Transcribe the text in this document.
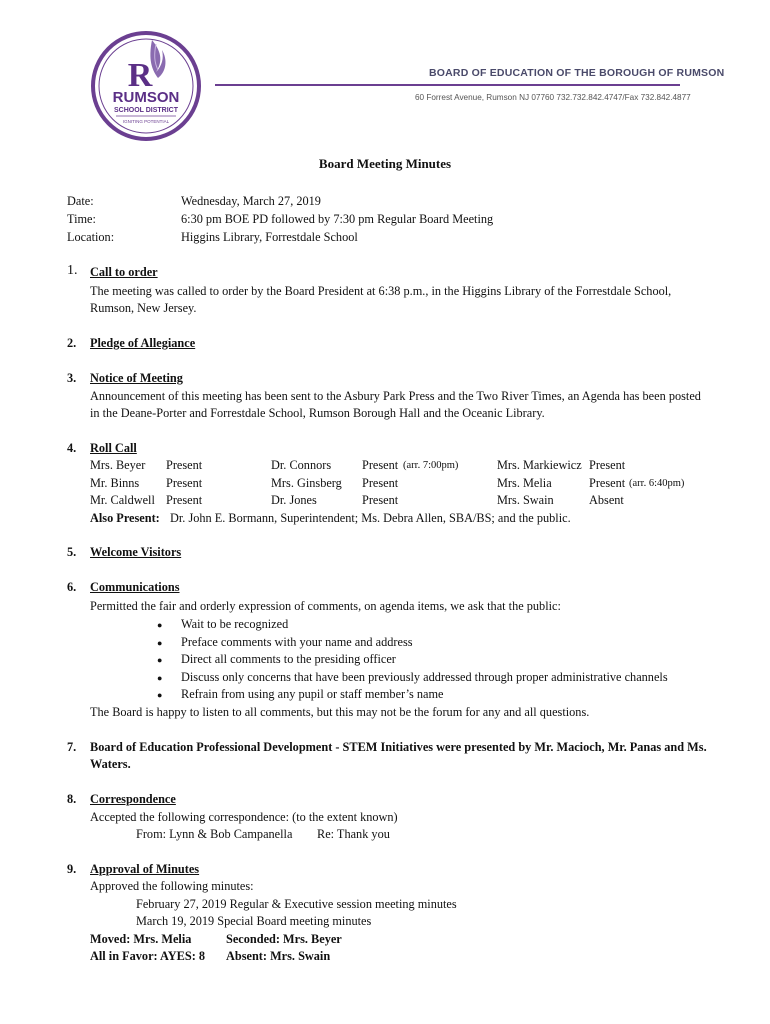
R
RUMSON
SCHOOL DISTRICT
IGNITING POTENTIAL
BOARD OF EDUCATION OF THE BOROUGH OF RUMSON
60 Forrest Avenue, Rumson NJ 07760 732.732.842.4747/Fax 732.842.4877
Board Meeting Minutes
Date:	Wednesday, March 27, 2019
Time:	6:30 pm BOE PD followed by 7:30 pm Regular Board Meeting
Location:	Higgins Library, Forrestdale School
1. Call to order
The meeting was called to order by the Board President at 6:38 p.m., in the Higgins Library of the Forrestdale School,
Rumson, New Jersey.
2. Pledge of Allegiance
3. Notice of Meeting
Announcement of this meeting has been sent to the Asbury Park Press and the Two River Times, an Agenda has been posted
in the Deane-Porter and Forrestdale School, Rumson Borough Hall and the Oceanic Library.
4. Roll Call
Mrs. Beyer Present	Dr. Connors	Present (arr. 7:00pm)	Mrs. Markiewicz Present
Mr. Binns Present	Mrs. Ginsberg Present	Mrs. Melia	Present (arr. 6:40pm)
Mr. Caldwell Present	Dr. Jones	Present	Mrs. Swain	Absent
Also Present: Dr. John E. Bormann, Superintendent; Ms. Debra Allen, SBA/BS; and the public.
5. Welcome Visitors
6. Communications
Permitted the fair and orderly expression of comments, on agenda items, we ask that the public:
● Wait to be recognized
● Preface comments with your name and address
● Direct all comments to the presiding officer
● Discuss only concerns that have been previously addressed through proper administrative channels
● Refrain from using any pupil or staff member’s name
The Board is happy to listen to all comments, but this may not be the forum for any and all questions.
7. Board of Education Professional Development - STEM Initiatives were presented by Mr. Macioch, Mr. Panas and Ms.
Waters.
8. Correspondence
Accepted the following correspondence: (to the extent known)
From: Lynn & Bob Campanella Re: Thank you
9. Approval of Minutes
Approved the following minutes:
February 27, 2019 Regular & Executive session meeting minutes
March 19, 2019 Special Board meeting minutes
Moved: Mrs. Melia	Seconded: Mrs. Beyer
All in Favor: AYES: 8 Absent: Mrs. Swain
